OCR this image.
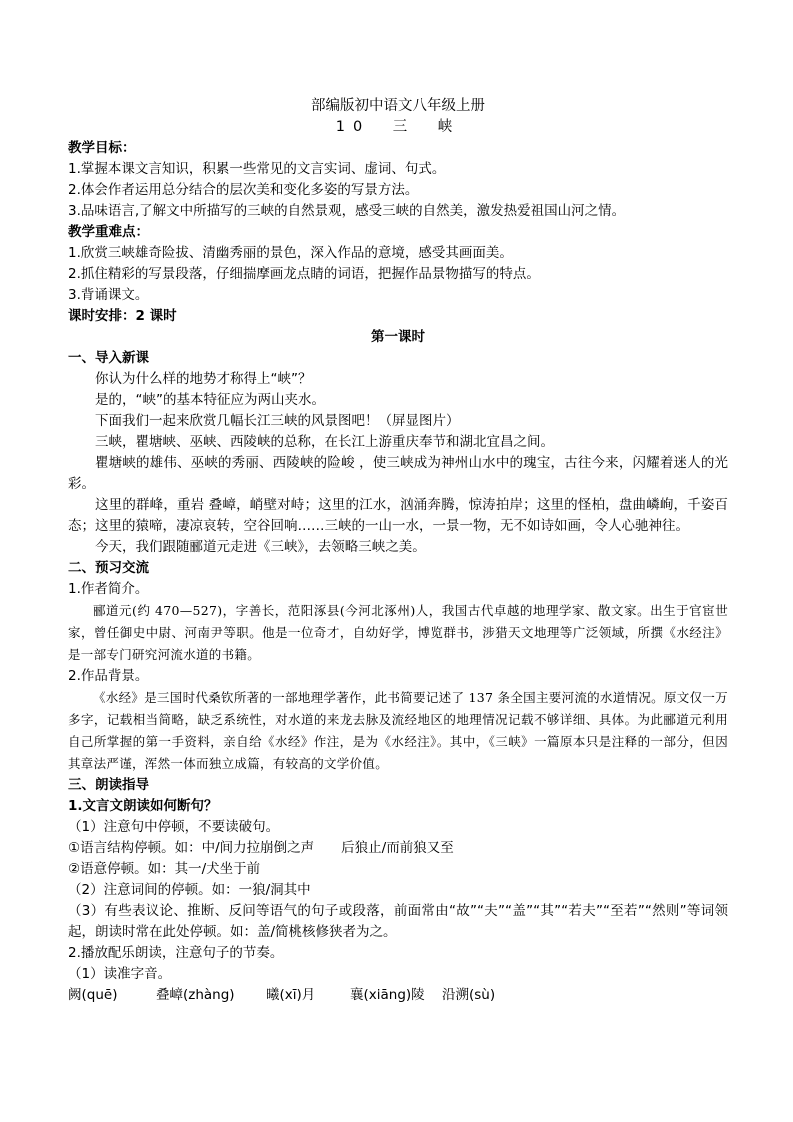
部编版初中语文八年级上册

10　三　峡

教学目标：

1.掌握本课文言知识，积累一些常见的文言实词、虚词、句式。

2.体会作者运用总分结合的层次美和变化多姿的写景方法。

3.品味语言,了解文中所描写的三峡的自然景观，感受三峡的自然美，激发热爱祖国山河之情。

教学重难点：

1.欣赏三峡雄奇险拔、清幽秀丽的景色，深入作品的意境，感受其画面美。

2.抓住精彩的写景段落，仔细揣摩画龙点睛的词语，把握作品景物描写的特点。

3.背诵课文。

课时安排：2 课时

第一课时

一、导入新课

你认为什么样的地势才称得上“峡”？

是的，“峡”的基本特征应为两山夹水。

下面我们一起来欣赏几幅长江三峡的风景图吧！（屏显图片）

三峡，瞿塘峡、巫峡、西陵峡的总称，在长江上游重庆奉节和湖北宜昌之间。

瞿塘峡的雄伟、巫峡的秀丽、西陵峡的险峻 ，使三峡成为神州山水中的瑰宝，古往今来，闪耀着迷人的光彩。

这里的群峰，重岩 叠嶂，峭壁对峙；这里的江水，汹涌奔腾，惊涛拍岸；这里的怪柏，盘曲嶙峋，千姿百态；这里的猿啼，凄凉哀转，空谷回响……三峡的一山一水，一景一物，无不如诗如画，令人心驰神往。

今天，我们跟随郦道元走进《三峡》，去领略三峡之美。

二、预习交流

1.作者简介。

郦道元(约 470—527)，字善长，范阳涿县(今河北涿州)人，我国古代卓越的地理学家、散文家。出生于官宦世家，曾任御史中尉、河南尹等职。他是一位奇才，自幼好学，博览群书，涉猎天文地理等广泛领域，所撰《水经注》是一部专门研究河流水道的书籍。

2.作品背景。

《水经》是三国时代桑钦所著的一部地理学著作，此书简要记述了 137 条全国主要河流的水道情况。原文仅一万多字，记载相当简略，缺乏系统性，对水道的来龙去脉及流经地区的地理情况记载不够详细、具体。为此郦道元利用自己所掌握的第一手资料，亲自给《水经》作注，是为《水经注》。其中，《三峡》一篇原本只是注释的一部分，但因其章法严谨，浑然一体而独立成篇，有较高的文学价值。

三、朗读指导

1.文言文朗读如何断句？

（1）注意句中停顿，不要读破句。

①语言结构停顿。如：中/间力拉崩倒之声　　后狼止/而前狼又至

②语意停顿。如：其一/犬坐于前

（2）注意词间的停顿。如：一狼/洞其中

（3）有些表议论、推断、反问等语气的句子或段落，前面常由“故”“夫”“盖”“其”“若夫”“至若”“然则”等词领起，朗读时常在此处停顿。如：盖/简桃核修狭者为之。

2.播放配乐朗读，注意句子的节奏。

（1）读准字音。

阙(quē)	叠嶂(zhàng)	曦(xī)月	襄(xiāng)陵	沿溯(sù)
